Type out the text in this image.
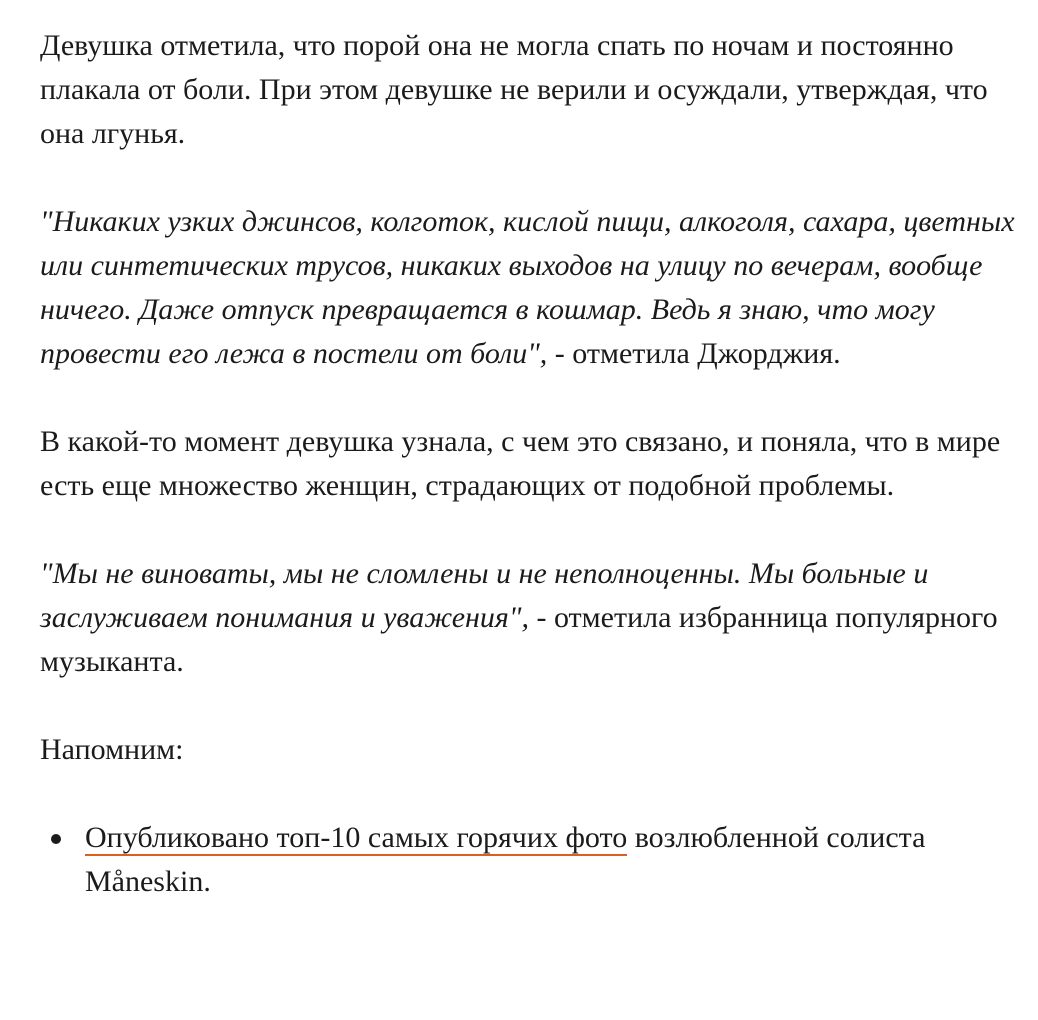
Девушка отметила, что порой она не могла спать по ночам и постоянно плакала от боли. При этом девушке не верили и осуждали, утверждая, что она лгунья.

"Никаких узких джинсов, колготок, кислой пищи, алкоголя, сахара, цветных или синтетических трусов, никаких выходов на улицу по вечерам, вообще ничего. Даже отпуск превращается в кошмар. Ведь я знаю, что могу провести его лежа в постели от боли", - отметила Джорджия.

В какой-то момент девушка узнала, с чем это связано, и поняла, что в мире есть еще множество женщин, страдающих от подобной проблемы.

"Мы не виноваты, мы не сломлены и не неполноценны. Мы больные и заслуживаем понимания и уважения", - отметила избранница популярного музыканта.

Напомним:

Опубликовано топ-10 самых горячих фото возлюбленной солиста Måneskin.
